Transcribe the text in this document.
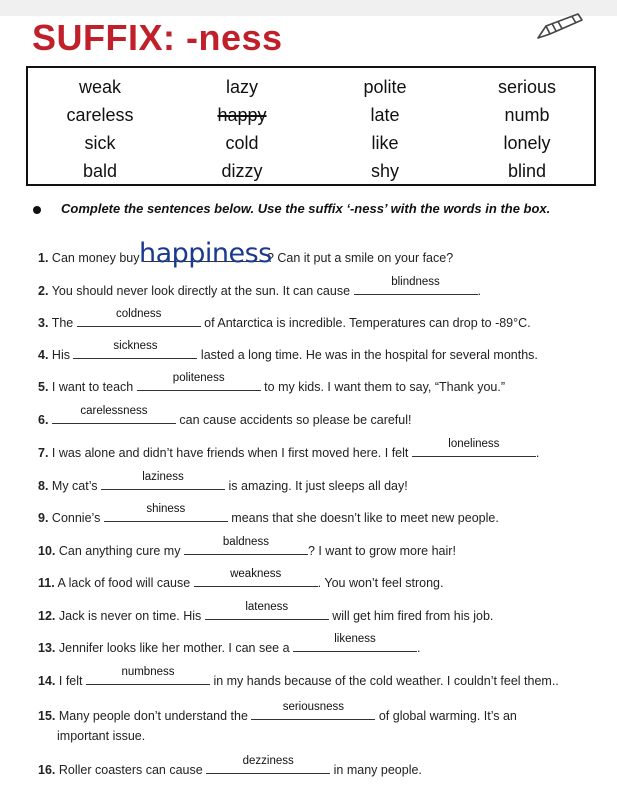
SUFFIX: -ness
weak	lazy	polite	serious
careless	happy	late	numb
sick	cold	like	lonely
bald	dizzy	shy	blind
Complete the sentences below. Use the suffix ‘-ness’ with the words in the box.
1. Can money buy
happiness
? Can it put a smile on your face?
2. You should never look directly at the sun. It can cause
blindness
.
3. The
coldness
of Antarctica is incredible. Temperatures can drop to -89°C.
4. His
sickness
lasted a long time. He was in the hospital for several months.
5. I want to teach
politeness
to my kids. I want them to say, “Thank you.”
6.
carelessness
can cause accidents so please be careful!
7. I was alone and didn’t have friends when I first moved here. I felt
loneliness
.
8. My cat’s
laziness
is amazing. It just sleeps all day!
9. Connie’s
shiness
means that she doesn’t like to meet new people.
10. Can anything cure my
baldness
? I want to grow more hair!
11. A lack of food will cause
weakness
. You won’t feel strong.
12. Jack is never on time. His
lateness
will get him fired from his job.
13. Jennifer looks like her mother. I can see a
likeness
.
14. I felt
numbness
in my hands because of the cold weather. I couldn’t feel them..
15. Many people don’t understand the
seriousness
of global warming. It’s an
important issue.
16. Roller coasters can cause
dezziness
in many people.
